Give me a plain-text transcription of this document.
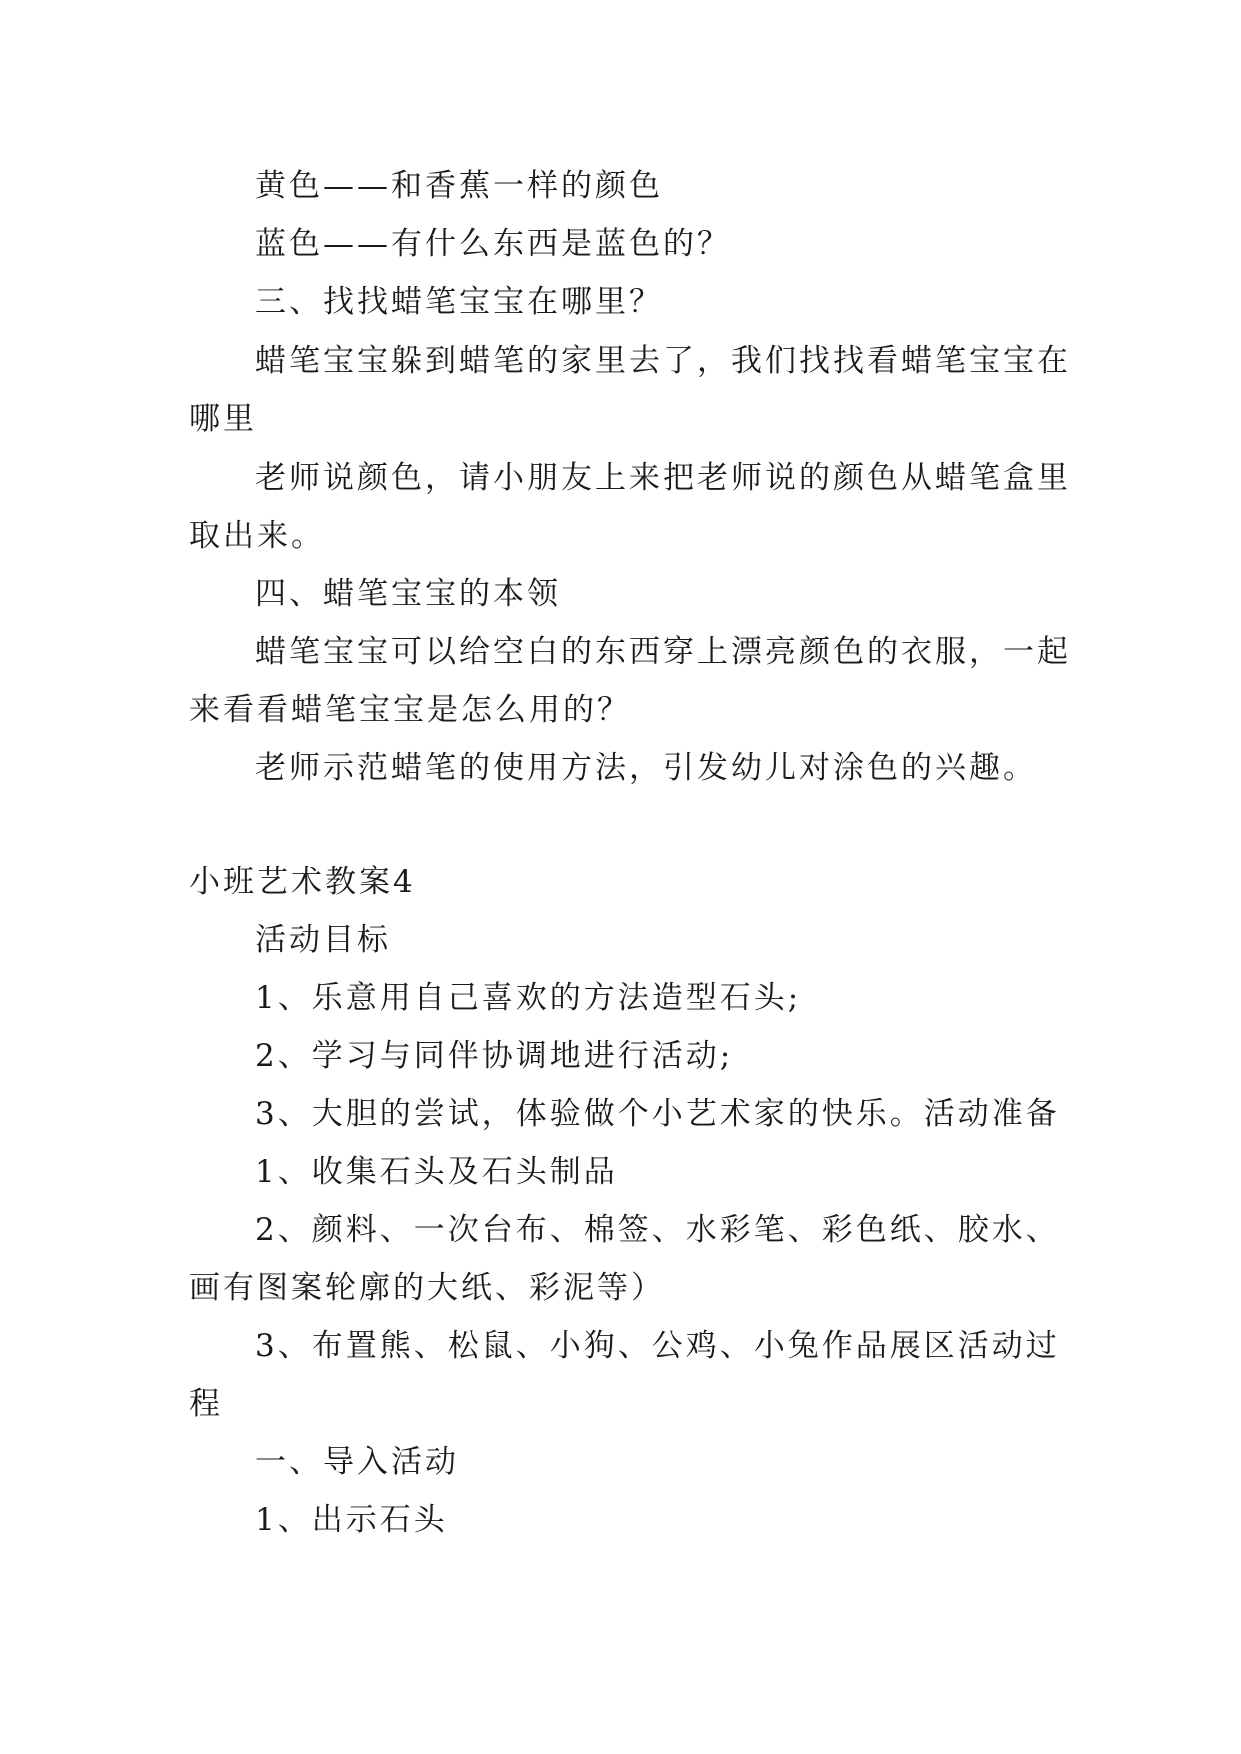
黄色——和香蕉一样的颜色
蓝色——有什么东西是蓝色的？
三、找找蜡笔宝宝在哪里？
蜡笔宝宝躲到蜡笔的家里去了，我们找找看蜡笔宝宝在
哪里
老师说颜色，请小朋友上来把老师说的颜色从蜡笔盒里
取出来。
四、蜡笔宝宝的本领
蜡笔宝宝可以给空白的东西穿上漂亮颜色的衣服，一起
来看看蜡笔宝宝是怎么用的？
老师示范蜡笔的使用方法，引发幼儿对涂色的兴趣。
小班艺术教案4
活动目标
1、乐意用自己喜欢的方法造型石头;
2、学习与同伴协调地进行活动;
3、大胆的尝试，体验做个小艺术家的快乐。活动准备
1、收集石头及石头制品
2、颜料、一次台布、棉签、水彩笔、彩色纸、胶水、
画有图案轮廓的大纸、彩泥等）
3、布置熊、松鼠、小狗、公鸡、小兔作品展区活动过
程
一、导入活动
1、出示石头
